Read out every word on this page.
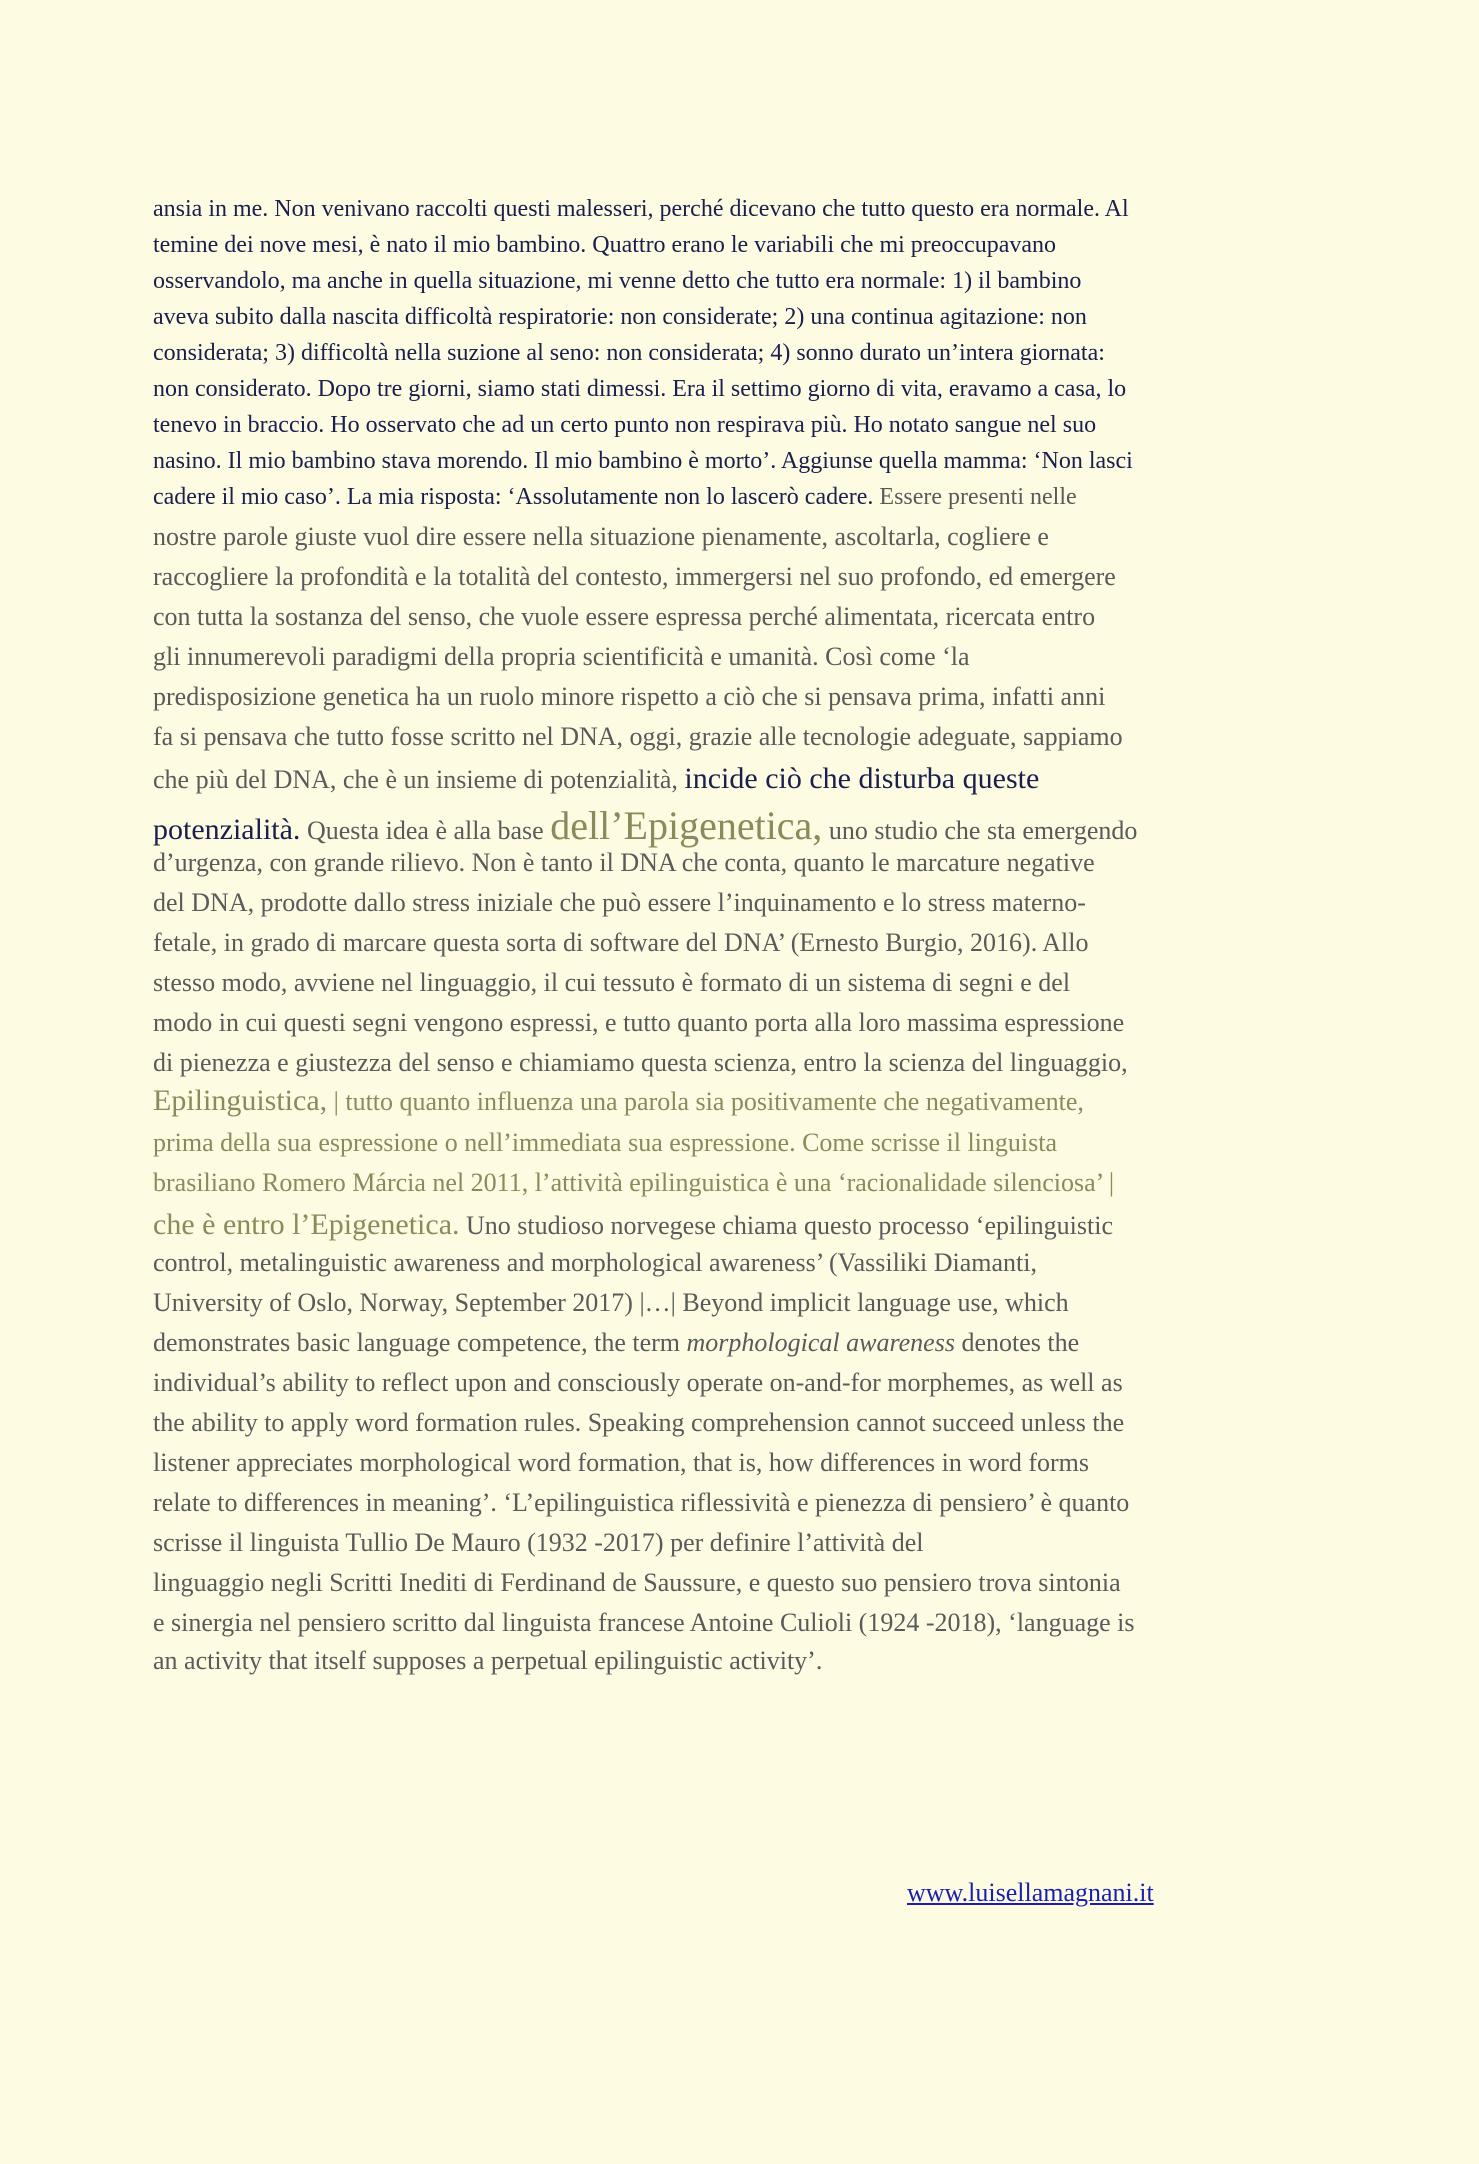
ansia in me. Non venivano raccolti questi malesseri, perché dicevano che tutto questo era normale. Al
temine dei nove mesi, è nato il mio bambino. Quattro erano le variabili che mi preoccupavano
osservandolo, ma anche in quella situazione, mi venne detto che tutto era normale: 1) il bambino
aveva subito dalla nascita difficoltà respiratorie: non considerate; 2) una continua agitazione: non
considerata; 3) difficoltà nella suzione al seno: non considerata; 4) sonno durato un’intera giornata:
non considerato. Dopo tre giorni, siamo stati dimessi. Era il settimo giorno di vita, eravamo a casa, lo
tenevo in braccio. Ho osservato che ad un certo punto non respirava più. Ho notato sangue nel suo
nasino. Il mio bambino stava morendo. Il mio bambino è morto’. Aggiunse quella mamma: ‘Non lasci
cadere il mio caso’. La mia risposta: ‘Assolutamente non lo lascerò cadere. Essere presenti nelle
nostre parole giuste vuol dire essere nella situazione pienamente, ascoltarla, cogliere e
raccogliere la profondità e la totalità del contesto, immergersi nel suo profondo, ed emergere
con tutta la sostanza del senso, che vuole essere espressa perché alimentata, ricercata entro
gli innumerevoli paradigmi della propria scientificità e umanità. Così come ‘la
predisposizione genetica ha un ruolo minore rispetto a ciò che si pensava prima, infatti anni
fa si pensava che tutto fosse scritto nel DNA, oggi, grazie alle tecnologie adeguate, sappiamo
che più del DNA, che è un insieme di potenzialità, incide ciò che disturba queste
potenzialità. Questa idea è alla base dell’Epigenetica, uno studio che sta emergendo
d’urgenza, con grande rilievo. Non è tanto il DNA che conta, quanto le marcature negative
del DNA, prodotte dallo stress iniziale che può essere l’inquinamento e lo stress materno-
fetale, in grado di marcare questa sorta di software del DNA’ (Ernesto Burgio, 2016). Allo
stesso modo, avviene nel linguaggio, il cui tessuto è formato di un sistema di segni e del
modo in cui questi segni vengono espressi, e tutto quanto porta alla loro massima espressione
di pienezza e giustezza del senso e chiamiamo questa scienza, entro la scienza del linguaggio,
Epilinguistica, | tutto quanto influenza una parola sia positivamente che negativamente,
prima della sua espressione o nell’immediata sua espressione. Come scrisse il linguista
brasiliano Romero Márcia nel 2011, l’attività epilinguistica è una ‘racionalidade silenciosa’ |
che è entro l’Epigenetica. Uno studioso norvegese chiama questo processo ‘epilinguistic
control, metalinguistic awareness and morphological awareness’ (Vassiliki Diamanti,
University of Oslo, Norway, September 2017) |…| Beyond implicit language use, which
demonstrates basic language competence, the term morphological awareness denotes the
individual’s ability to reflect upon and consciously operate on-and-for morphemes, as well as
the ability to apply word formation rules. Speaking comprehension cannot succeed unless the
listener appreciates morphological word formation, that is, how differences in word forms
relate to differences in meaning’. ‘L’epilinguistica riflessività e pienezza di pensiero’ è quanto
scrisse il linguista Tullio De Mauro (1932 -2017) per definire l’attività del
linguaggio negli Scritti Inediti di Ferdinand de Saussure, e questo suo pensiero trova sintonia
e sinergia nel pensiero scritto dal linguista francese Antoine Culioli (1924 -2018), ‘language is
an activity that itself supposes a perpetual epilinguistic activity’.
www.luisellamagnani.it
